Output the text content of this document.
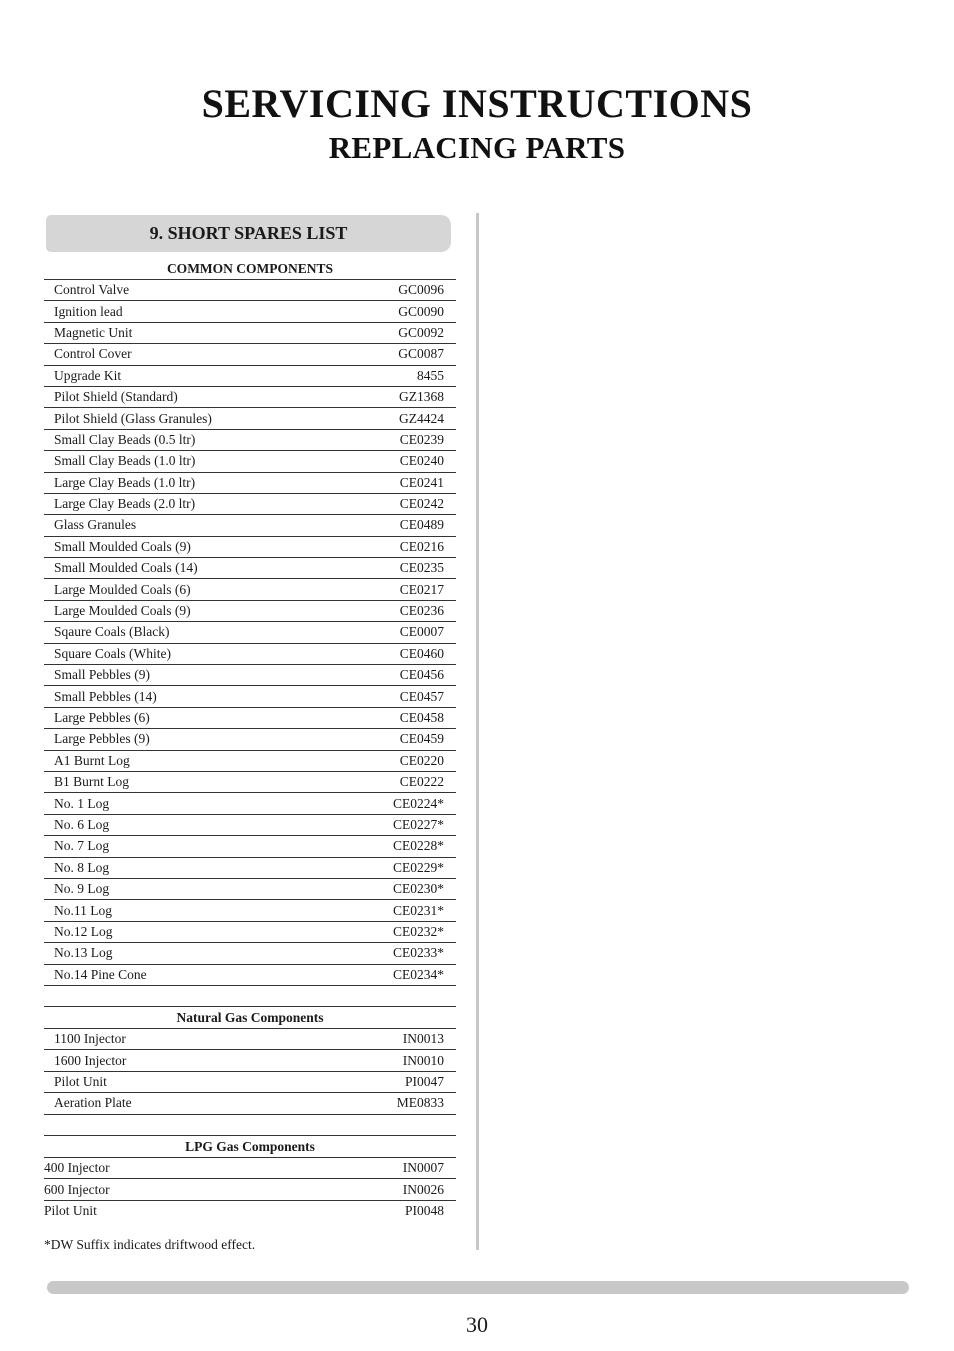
SERVICING INSTRUCTIONS
REPLACING PARTS
9. SHORT SPARES LIST
COMMON COMPONENTS
Control Valve	GC0096
Ignition lead	GC0090
Magnetic Unit	GC0092
Control Cover	GC0087
Upgrade Kit	8455
Pilot Shield (Standard)	GZ1368
Pilot Shield (Glass Granules)	GZ4424
Small Clay Beads (0.5 ltr)	CE0239
Small Clay Beads (1.0 ltr)	CE0240
Large Clay Beads (1.0 ltr)	CE0241
Large Clay Beads (2.0 ltr)	CE0242
Glass Granules	CE0489
Small Moulded Coals (9)	CE0216
Small Moulded Coals (14)	CE0235
Large Moulded Coals (6)	CE0217
Large Moulded Coals (9)	CE0236
Sqaure Coals (Black)	CE0007
Square Coals (White)	CE0460
Small Pebbles (9)	CE0456
Small Pebbles (14)	CE0457
Large Pebbles (6)	CE0458
Large Pebbles (9)	CE0459
A1 Burnt Log	CE0220
B1 Burnt Log	CE0222
No. 1 Log	CE0224*
No. 6 Log	CE0227*
No. 7 Log	CE0228*
No. 8 Log	CE0229*
No. 9 Log	CE0230*
No.11 Log	CE0231*
No.12 Log	CE0232*
No.13 Log	CE0233*
No.14 Pine Cone	CE0234*
Natural Gas Components
1100 Injector	IN0013
1600 Injector	IN0010
Pilot Unit	PI0047
Aeration Plate	ME0833
LPG Gas Components
400 Injector	IN0007
600 Injector	IN0026
Pilot Unit	PI0048
*DW Suffix indicates driftwood effect.
30
